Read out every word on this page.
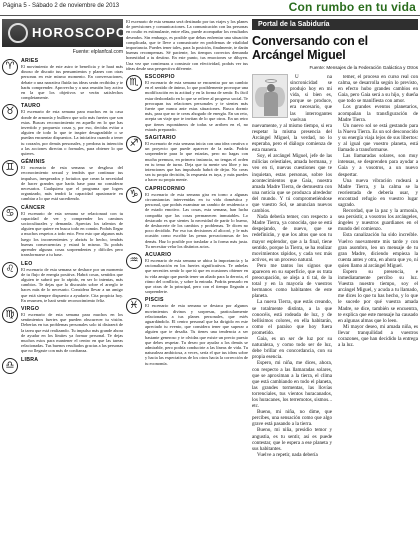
Página 5 - Sábado 2 de noviembre de 2013	Con rumbo en tu vida
HOROSCOPO
Fuente: elplanfcal.com
♈	ARIES

El movimiento de este astro te beneficia y te hará más dinoso de discutir tus pensamientos y planes con otras personas en este mismo momento. En conversaciones, debate o una narrativa fluida tus ideas serán recibidas y te harás comprender. Aprovecha y a una reunión hoy activa en la que los objetivos se verán satisfechos completamente.

♉	TAURO

El escenario de esta semana para muchos en tu casa donde de armonía y bulliero que solo más fuertes que son estas. Buscas reconocimiento en aquello en lo que has invertido y propuesto cosas y, por eso, decidas evitar a alguien de todo lo que te inspire desagradable o se puedan encuentar dispuestos. La iniciativa cuando a tener tu corazón, por demás personales, y perdona tu intención a las acciones directas o formales, para obtener lo que quieres.

♊	GÉMINIS

El escenario de esta semana se desglosa del reconocimiento sexual y tendrás que continuar tus impulsos, inesperados y fortuitos que crean la necesidad de hacer grandes que harás base para no considerar necesarios. Cualquiera que el programa que logres organizado, más tendrá la capacidad apasionarte en cambiar a lo que está sucediendo.

♋	CÁNCER

El escenario de esta semana se relacionará con tu capacidad de ver y comprender los caminos socioculturales y demanda. Aprecias los talentos de alguien que quiere en busca todo en común. Podrás llegar a muchos respetos a todo esto. Pero esto que algunos más luego los inconvenientes y abrirás lo hecho, tendrás buenas consecuencias y estará lo mismo. Tu podrás aprender algunas cosas sorprendentes y difíciles pero transformarse a tu base.

♌	LEO

El escenario de esta semana se deshace por un momento de tu flujo de energía positiva. Habrá cosas, sentidos que alguien te subrrá por lo rápido, en ser lo intentas, más cambios. Te dejas que la discusión sobre el arreglo te haces más de lo necesario. Considera llevar a un amigo que está siempre dispuesto a ayudarte. Cita propicia hoy. En resumen, te hará sentir reconocimiento feliz.

♍	VIRGO

El escenario de esta semana para muchos en los sentimientos fuertes que pueden obscurecer tu visión. Deberías en tus problemas personales solo tú distraerá de la tarea que está realizando. Tu impulso más grande ahora de ayudar en los límites ya formar personal. Te dejas muchos estos para mantener el centro en que las tareas relacionadas. Tus buenos resultados gracias a las personas que no llegaste con más de confianza.

♎	LIBRA

El escenario de esta semana será destinado por tus viajes y los planes de previsiones y comunicaciones. La comunicación con las personas en oculto es estimulante, entre ellas, puede acompañar los resultados deseados. Sin embargo, es posible que debas enfrentar una situación complicada, que te lleve a comunicarte en problemas de vitalidad importancia. Puedes tener tales, para la posición, finalmente, te darán buenas recompensas. Sé paciente, los tiempos correctos demanda honestidad a tu destino. En este punto, tus emociones se diluyen. Una vez que comienzas a construir con efectividad, podrás ver tus ideas desde una perspectiva diferente.

♏	ESCORPIO

El escenario de esta semana se encuentra por un cambio en el sentido de ánimo, lo que posiblemente provoque una modificación en tu actitud y en la forma de sentir. Es fácil estar desbordado en lo que se refiere al progreso social. Te preocupan tus relaciones personales y te sientes más fuerte que nunca ante estas situaciones. Busca dormir más, para que no te creas ahogado de energía. En un reto, acepta un viaje que te invitan de lo que otros. En un retro que tienes espontáneos de todas se arriben en el, no estarás preparado.

♐	SAGITARIO

El escenario de esta semana inicia con una idea creativa o un proyecto que puede aparecer de la nada. Podría sorprenderte para lo que estarías, pero no hagas con mucha premura, en primera instancia, no tengas el orden en tu tema de turno. Deja que tu mente sea libre y tus intenciones que has impulsado habrá de dejar. No creas sea tu propia decisión, la respuesta es tuya, y más puedes a hacer su propia mente.

♑	CAPRICORNIO

El escenario de esta semana gira en torno a algunas circunstancias intervenidas en tu vida doméstica y personal, que podrás examinar un cambio de residencia o de estado emotivo. Las cosas, esta semana, han lucha compañía que las cosas permanecen inmutables. Lo destacado es que sientes la necesidad de partir lo bueno, de deshacerte de los cambios y problemas. Te dicen no poco decidido. Por eso tus decisiones al alicoró, y le más ocasión como escribir las penas precacionosas de los demás. Haz lo posible por trasladar a la forma más justa. Tu necesitar velar los distintos actos.

♒	ACUARIO

El escenario de esta semana se ubica la importancia y la racionalización en los fuertes significativos. Te anhelas que necesites sentir lo que tú que en ocasiones obtener en tu vida amigo que pueda tener un aliado para la derrota, el ritmo del conflicto, y sobre la entrada. Podrás pensarlo en que otras de la principal, pero con el tiempo llegarán a sorprenderte.

♓	PISCIS

El escenario de esta semana se destaca por algunos movimientos divinos y sorpresas, particularmente relacionadas a tus planes personales, que estés aguardándolo. El centro personal que ha dirigido en este apreciado tu evento, que considera tener que superar a alguien que te desafía. Tu tienes una tendencia a ser bastante generoso y te olvidas que existe un precio puesto que debes respetar. Tu deseo por ayudar a los demás se admirable, pero podría conducirte a las líneas de vida. Tu naturaleza ambiciosa, a veces, sería el que tus ideas sobre y hacia las expectativas de los otros hacia la corrección de tu economía.

Portal de la Sabiduría
Conversando con el Arcángel Miguel
Fuente: Mensajes de la Federación Galáctica y Otros

U na sincronicidad se produjo hoy en mi vida, si bien es, porque se produce, era necesario, que las interrogantes vuelvan nuevamente, y al mismo tiempo, si era respetar la misma presencia del Arcángel Miguel, la verdad, no lo esperaba, pero el diálogo comienza de esta manera.

Soy, el arcángel Miguel, jefe de las milicias celestiales, amada hermana, y veo en ti, nuevas cuestiones que te inquietan, estas personas, sobre los acontecimientos que Gaia, nuestra amada Madre Tierra, de demuestra con una noticia que se produzca alrededor del mundo. Y tú comprometiéndose que vuestro Sol, se anuncian nuevos cambios.

Nada debería temer, con respecto a Madre Tierra, ya conocida, que se está despejando, de nuevo, que se redefinirán, y que los altos que son tu mayor esplendor, que a la final, tiene sentido, porque la Tierra, se ha realizar movimientos rápidos, y cada vez más activos, es un proceso natural.

Pero me tantos los signos que aparecen en su superficie, que os trata preocupación, se aleja a ti tal, de la total y en la mayoría de vuestros hermanos como habitantes de este planeta.

La nueva Tierra, que estás creando, se totalmente distinta, a la que conocéis, está rodeada de luz, y de bellísimos colores, en ella habitarán, como el paraíso que hoy fuera prometido.

Gaia, es un ser de luz por su naturaleza, y como todo ser de luz, debe brillar en concordancia, con su propia esencia.

Espero, mi niña, me dices, ahora, con respecto a las llamaradas solares, que se aproximan a la tierra, el clima que está cambiando en todo el planeta, las grandes tormentas, las llovías torrenciales, tus vientos huracanados, los huracanes, los terremotos, sismos... etc.

Bueno, mi niña, no dime, que percibes, una sensación como que algo grave está pasando a la tierra.

Bueno, mi niña, presidio temor y angustia, es tu sentir, así es puede contestar, que le espera a ese planeta y sus habitantes.

Vuelve a repetir, nada debería

temer, el proceso en curso real con calma, se desarrolla según lo previsto, en efecto hubo grandes cambios en Gaia, pero Gaia será a su hijo, y dueña que todo se manifiesta con amor.

Los grandes eventos planetarios, acompañan la transfiguración de Madre Tierra.

Un nuevo sol se está gestando para la Nueva Tierra. Es un sol desconocido y su energía viaja lejos de sus libertos: y al igual que vuestro planeta, está llamado a transformarse.

Las llamaradas solares, son muy intensas, se desprenden para ayudar a Gaia y a vosotros, a un nuevo despertar.

Una nueva vibración rodeará a Madre Tierra, y la calma se la reorientada de debería usar, y encontrad refugio en vuestro lugar sagrado.

Recordad, que la paz y la armonía, sea persistir, a vosotros los arcángeles, ángeles y nuestros guardianes en el mundo del comienzo.

Esta canalización ha sido increíble. Vuelvo nuevamente mis tarde y con gran asombro, leo un mensaje de tu gran Madre, diciendo empieza la cuenta antes y otra, en ahora que yo, ni quien llamo al arcángel Miguel.

Espero su presencia, e inmediatamente percibo su luz. Vuestra nuestro tiempo, soy el arcángel Miguel, y acuda a tu llamado, me dices lo que tu has hecho, y lo que le sucede por qué vuestra amada Madre, se dice, también se encuentra, te explica que este mensaje ha causado en algunas almas que lo leen.

Mi mayor deseo, mi amada niña, es llevar tranquilidad a vuestros corazones, que han decidido la entrega a la luz.
